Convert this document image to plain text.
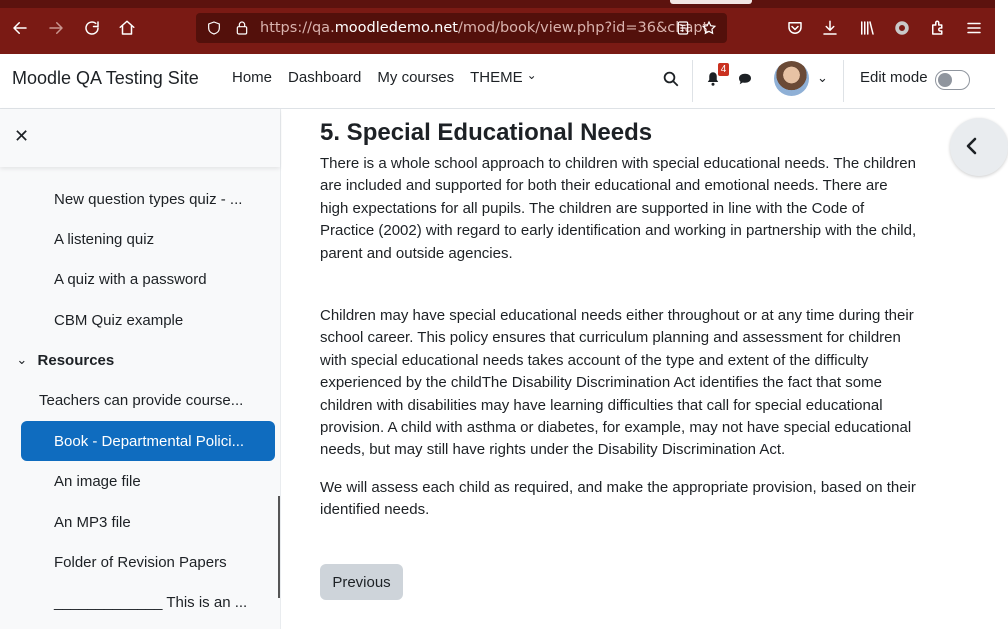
https://qa.moodledemo.net/mod/book/view.php?id=36&chapt
Moodle QA Testing Site Home Dashboard My courses THEME ⌄	4
⌄ Edit mode
✕
New question types quiz - ...
A listening quiz
A quiz with a password
CBM Quiz example
⌄ Resources
Teachers can provide course...
Book - Departmental Polici...
An image file
An MP3 file
Folder of Revision Papers
_____________ This is an ...
5. Special Educational Needs

There is a whole school approach to children with special educational needs. The children are included and supported for both their educational and emotional needs. There are high expectations for all pupils. The children are supported in line with the Code of Practice (2002) with regard to early identification and working in partnership with the child, parent and outside agencies.

Children may have special educational needs either throughout or at any time during their school career. This policy ensures that curriculum planning and assessment for children with special educational needs takes account of the type and extent of the difficulty experienced by the childThe Disability Discrimination Act identifies the fact that some children with disabilities may have learning difficulties that call for special educational provision. A child with asthma or diabetes, for example, may not have special educational needs, but may still have rights under the Disability Discrimination Act.

We will assess each child as required, and make the appropriate provision, based on their identified needs.

Previous
